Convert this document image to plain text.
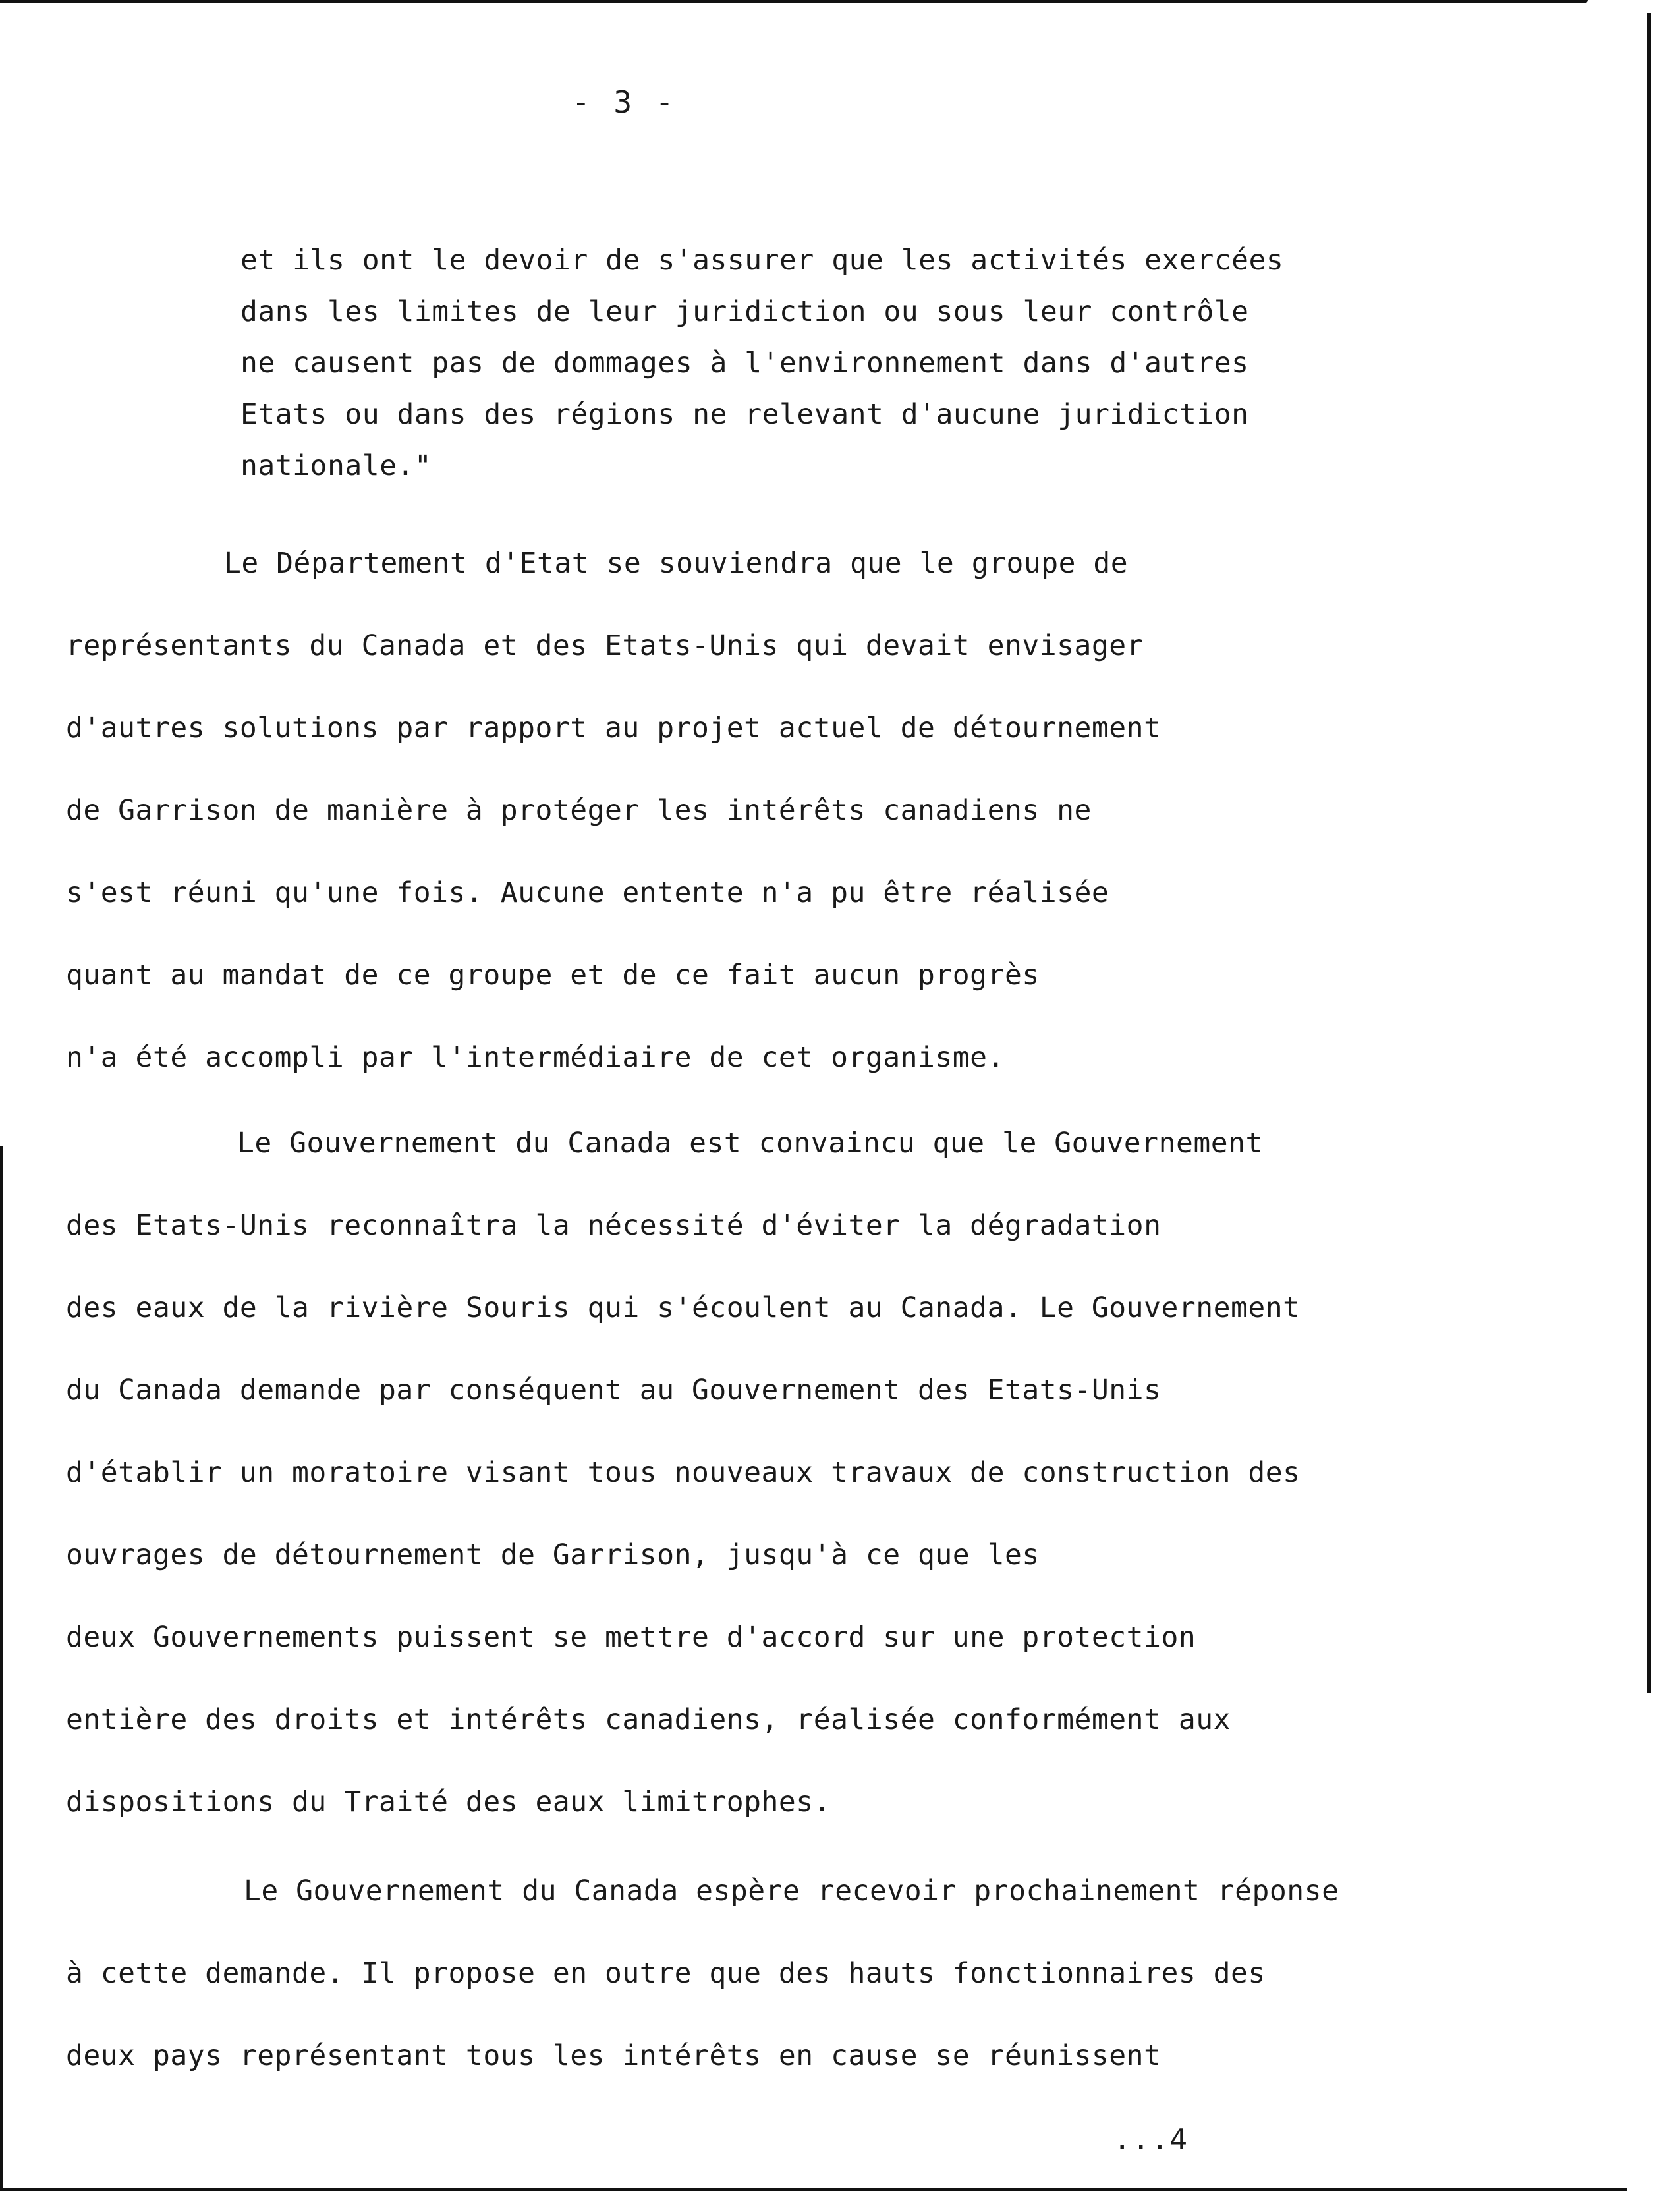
- 3 -
et ils ont le devoir de s'assurer que les activités exercées
dans les limites de leur juridiction ou sous leur contrôle
ne causent pas de dommages à l'environnement dans d'autres
Etats ou dans des régions ne relevant d'aucune juridiction
nationale."
Le Département d'Etat se souviendra que le groupe de
représentants du Canada et des Etats-Unis qui devait envisager
d'autres solutions par rapport au projet actuel de détournement
de Garrison de manière à protéger les intérêts canadiens ne
s'est réuni qu'une fois. Aucune entente n'a pu être réalisée
quant au mandat de ce groupe et de ce fait aucun progrès
n'a été accompli par l'intermédiaire de cet organisme.
Le Gouvernement du Canada est convaincu que le Gouvernement
des Etats-Unis reconnaîtra la nécessité d'éviter la dégradation
des eaux de la rivière Souris qui s'écoulent au Canada. Le Gouvernement
du Canada demande par conséquent au Gouvernement des Etats-Unis
d'établir un moratoire visant tous nouveaux travaux de construction des
ouvrages de détournement de Garrison, jusqu'à ce que les
deux Gouvernements puissent se mettre d'accord sur une protection
entière des droits et intérêts canadiens, réalisée conformément aux
dispositions du Traité des eaux limitrophes.
Le Gouvernement du Canada espère recevoir prochainement réponse
à cette demande. Il propose en outre que des hauts fonctionnaires des
deux pays représentant tous les intérêts en cause se réunissent
...4
